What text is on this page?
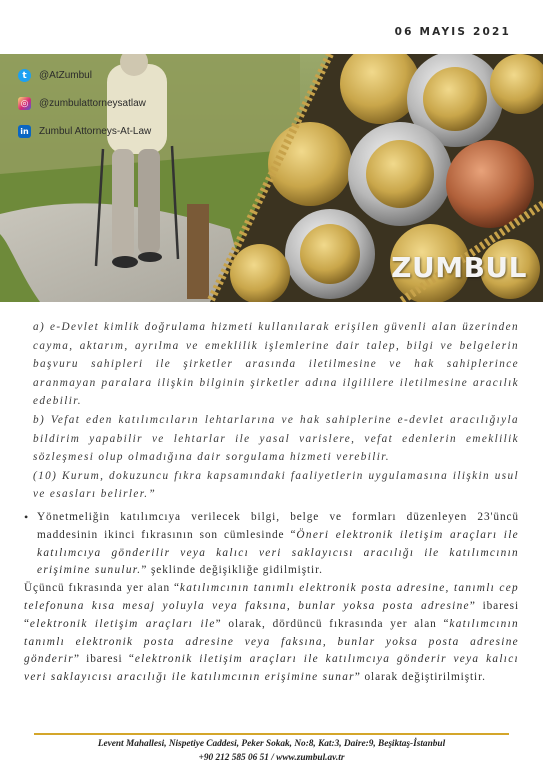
06 MAYIS 2021
t	@AtZumbul
◎ @zumbulattorneysatlaw
in Zumbul Attorneys-At-Law
ZUMBUL

a) e-Devlet kimlik doğrulama hizmeti kullanılarak erişilen güvenli alan üzerinden cayma, aktarım, ayrılma ve emeklilik işlemlerine dair talep, bilgi ve belgelerin başvuru sahipleri ile şirketler arasında iletilmesine ve hak sahiplerince aranmayan paralara ilişkin bilginin şirketler adına ilgililere iletilmesine aracılık edebilir.

b) Vefat eden katılımcıların lehtarlarına ve hak sahiplerine e-devlet aracılığıyla bildirim yapabilir ve lehtarlar ile yasal varislere, vefat edenlerin emeklilik sözleşmesi olup olmadığına dair sorgulama hizmeti verebilir.

(10) Kurum, dokuzuncu fıkra kapsamındaki faaliyetlerin uygulamasına ilişkin usul ve esasları belirler.”

• Yönetmeliğin katılımcıya verilecek bilgi, belge ve formları düzenleyen 23'üncü maddesinin ikinci fıkrasının son cümlesinde “Öneri elektronik iletişim araçları ile katılımcıya gönderilir veya kalıcı veri saklayıcısı aracılığı ile katılımcının erişimine sunulur.” şeklinde değişikliğe gidilmiştir.

Üçüncü fıkrasında yer alan “katılımcının tanımlı elektronik posta adresine, tanımlı cep telefonuna kısa mesaj yoluyla veya faksına, bunlar yoksa posta adresine” ibaresi “elektronik iletişim araçları ile” olarak, dördüncü fıkrasında yer alan “katılımcının tanımlı elektronik posta adresine veya faksına, bunlar yoksa posta adresine gönderir” ibaresi “elektronik iletişim araçları ile katılımcıya gönderir veya kalıcı veri saklayıcısı aracılığı ile katılımcının erişimine sunar” olarak değiştirilmiştir.

Levent Mahallesi, Nispetiye Caddesi, Peker Sokak, No:8, Kat:3, Daire:9, Beşiktaş-İstanbul
+90 212 585 06 51 / www.zumbul.av.tr
